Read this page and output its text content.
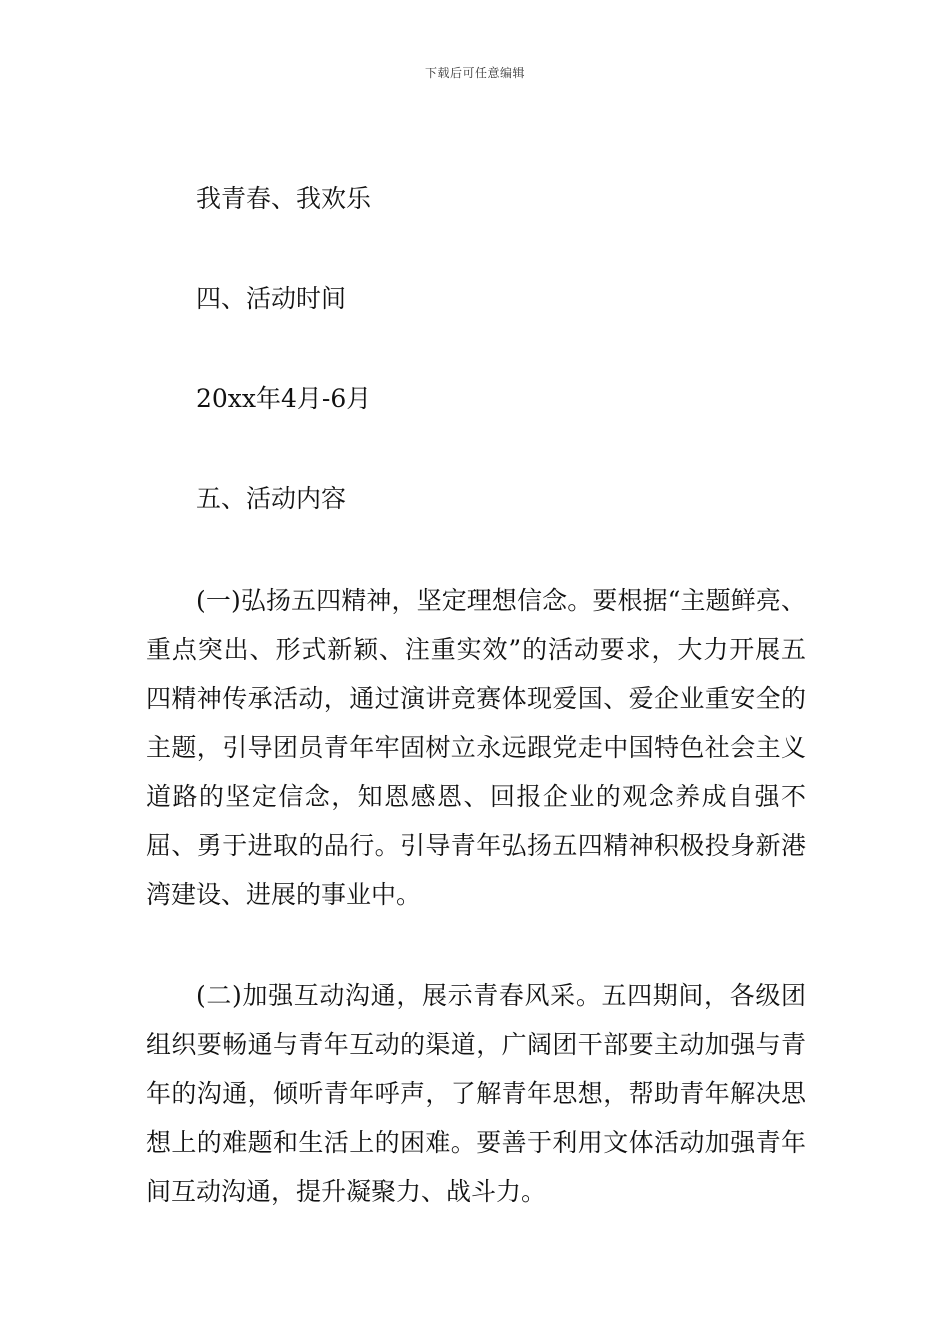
下载后可任意编辑
我青春、我欢乐
四、活动时间
20xx年4月-6月
五、活动内容

(一)弘扬五四精神，坚定理想信念。要根据“主题鲜亮、重点突出、形式新颖、注重实效”的活动要求，大力开展五四精神传承活动，通过演讲竞赛体现爱国、爱企业重安全的主题，引导团员青年牢固树立永远跟党走中国特色社会主义道路的坚定信念，知恩感恩、回报企业的观念养成自强不屈、勇于进取的品行。引导青年弘扬五四精神积极投身新港湾建设、进展的事业中。

(二)加强互动沟通，展示青春风采。五四期间，各级团组织要畅通与青年互动的渠道，广阔团干部要主动加强与青年的沟通，倾听青年呼声，了解青年思想，帮助青年解决思想上的难题和生活上的困难。要善于利用文体活动加强青年间互动沟通，提升凝聚力、战斗力。
